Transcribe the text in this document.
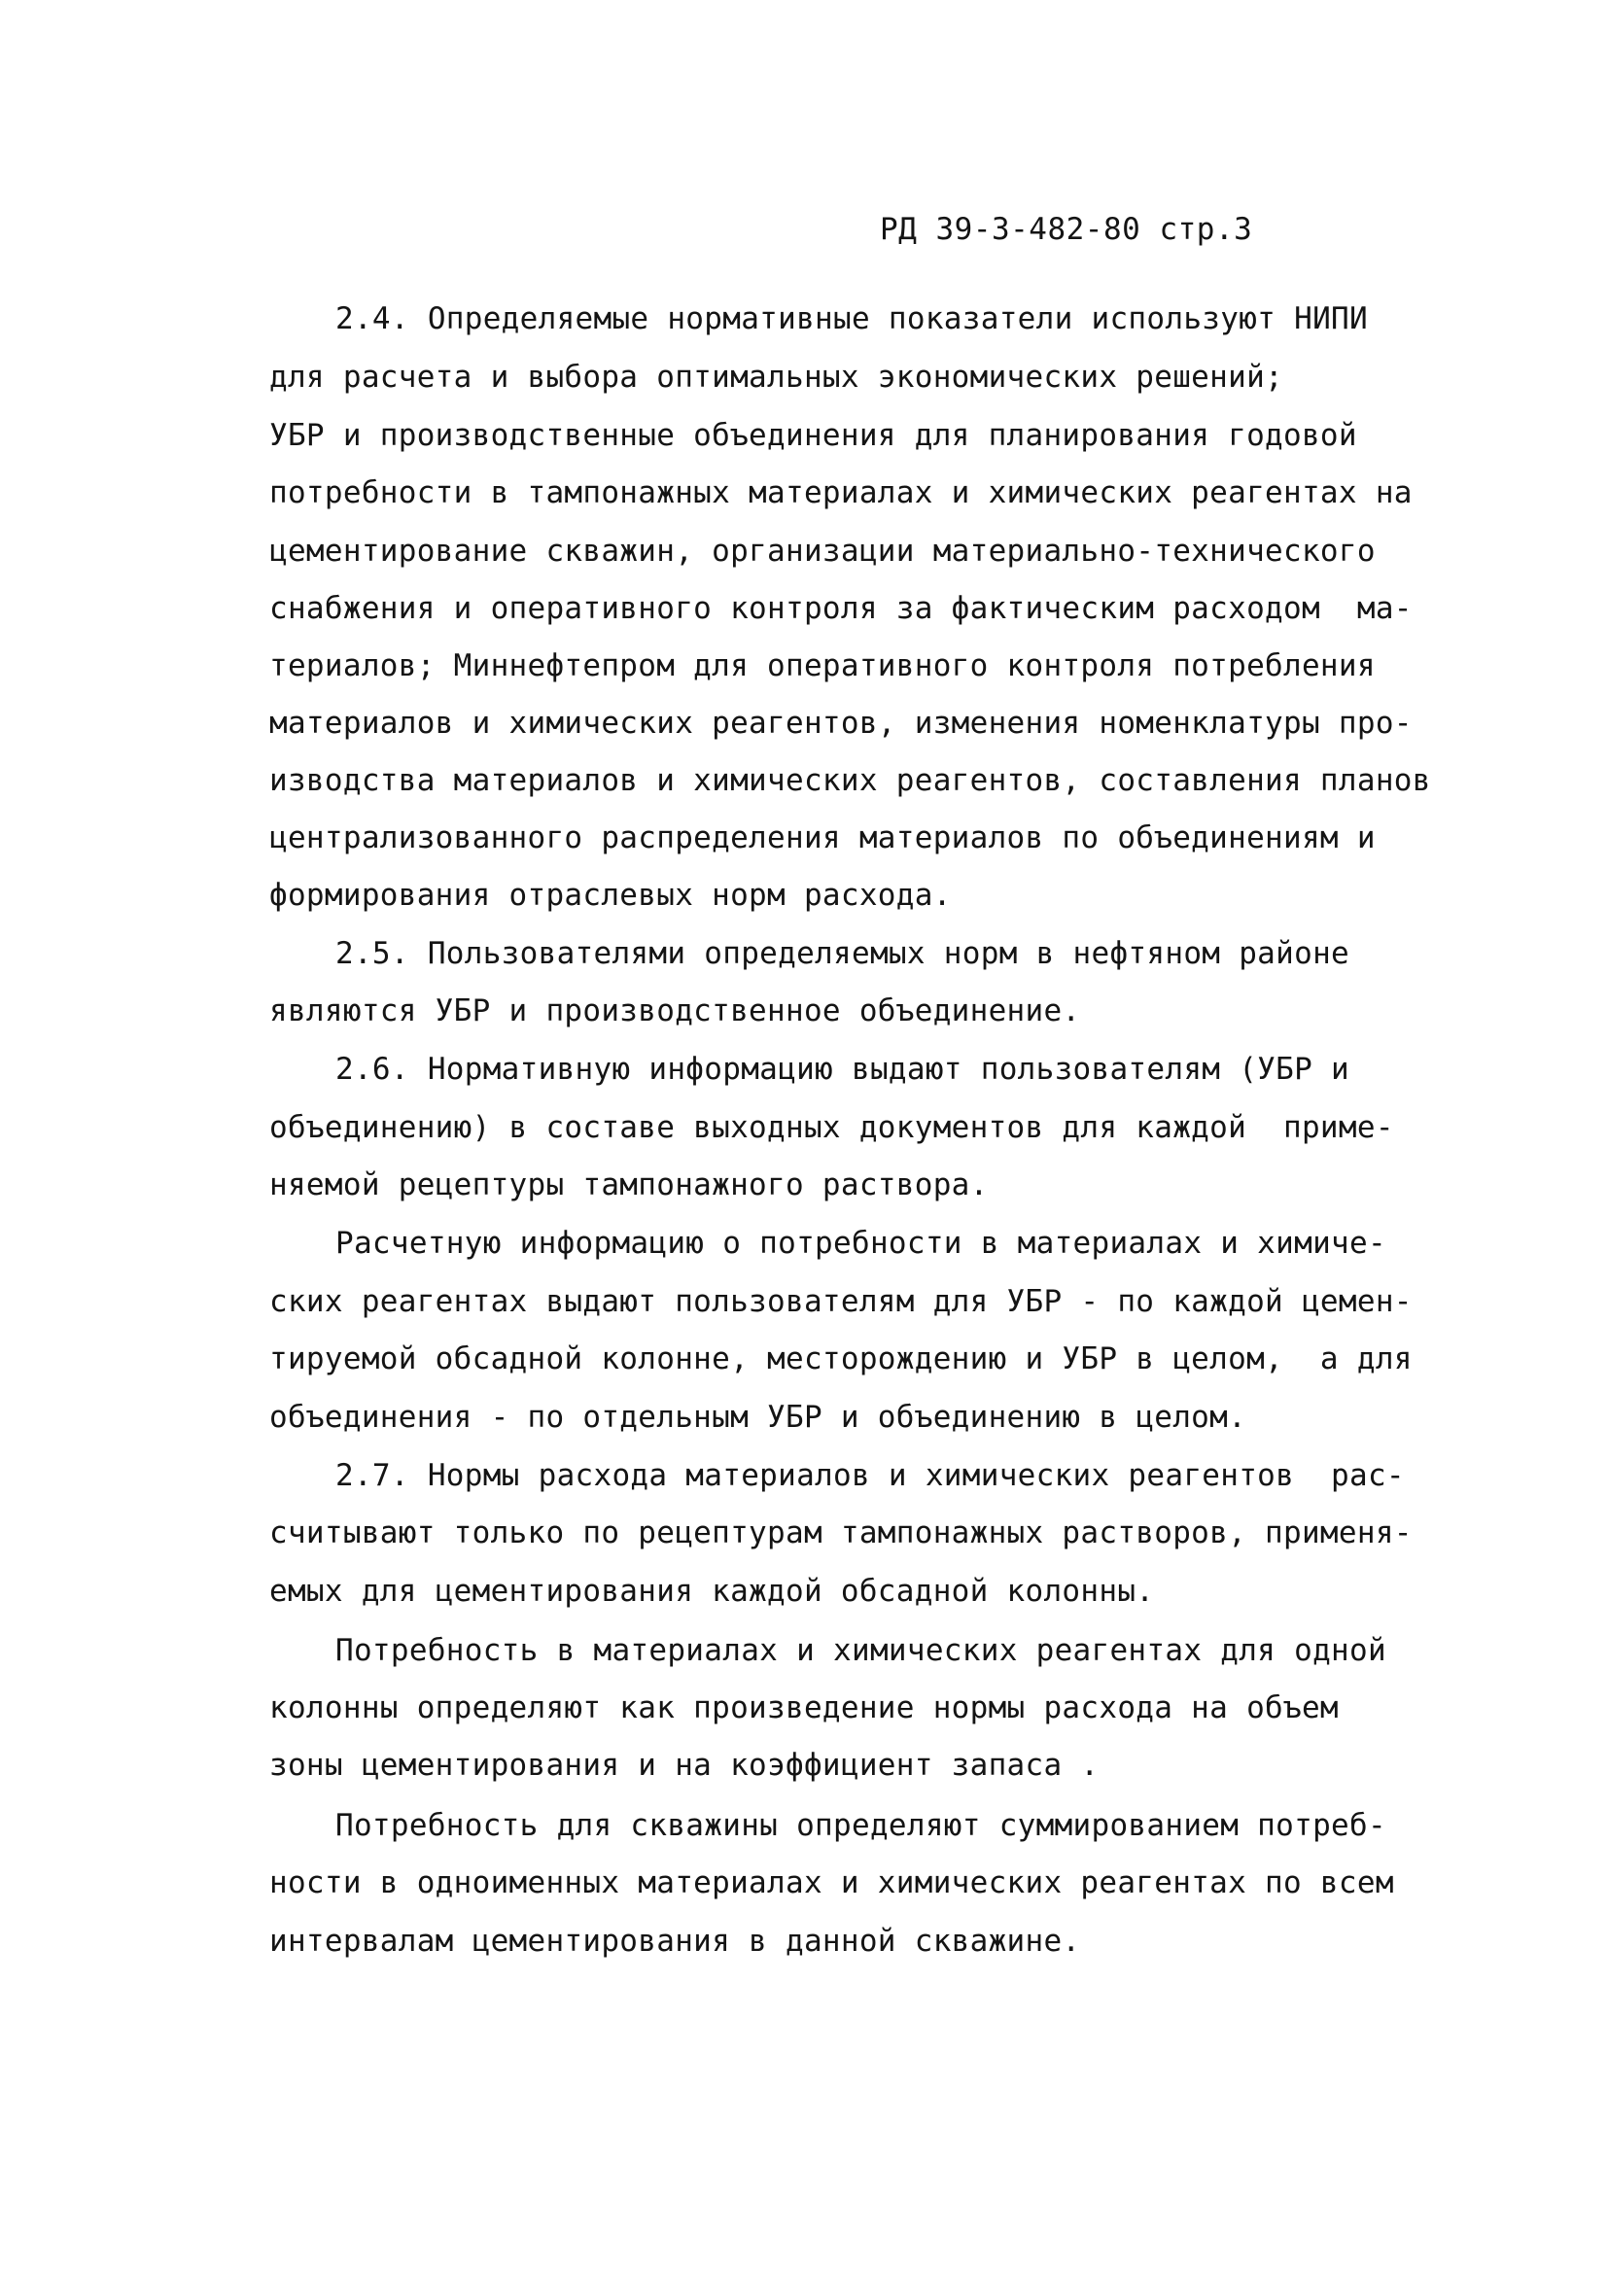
РД 39-3-482-80 стр.3
2.4. Определяемые нормативные показатели используют НИПИ
для расчета и выбора оптимальных экономических решений;
УБР и производственные объединения для планирования годовой
потребности в тампонажных материалах и химических реагентах на
цементирование скважин, организации материально-технического
снабжения и оперативного контроля за фактическим расходом  ма-
териалов; Миннефтепром для оперативного контроля потребления
материалов и химических реагентов, изменения номенклатуры про-
изводства материалов и химических реагентов, составления планов
централизованного распределения материалов по объединениям и
формирования отраслевых норм расхода.
2.5. Пользователями определяемых норм в нефтяном районе
являются УБР и производственное объединение.
2.6. Нормативную информацию выдают пользователям (УБР и
объединению) в составе выходных документов для каждой  приме-
няемой рецептуры тампонажного раствора.
Расчетную информацию о потребности в материалах и химиче-
ских реагентах выдают пользователям для УБР - по каждой цемен-
тируемой обсадной колонне, месторождению и УБР в целом,  а для
объединения - по отдельным УБР и объединению в целом.
2.7. Нормы расхода материалов и химических реагентов  рас-
считывают только по рецептурам тампонажных растворов, применя-
емых для цементирования каждой обсадной колонны.
Потребность в материалах и химических реагентах для одной
колонны определяют как произведение нормы расхода на объем
зоны цементирования и на коэффициент запаса .
Потребность для скважины определяют суммированием потреб-
ности в одноименных материалах и химических реагентах по всем
интервалам цементирования в данной скважине.
